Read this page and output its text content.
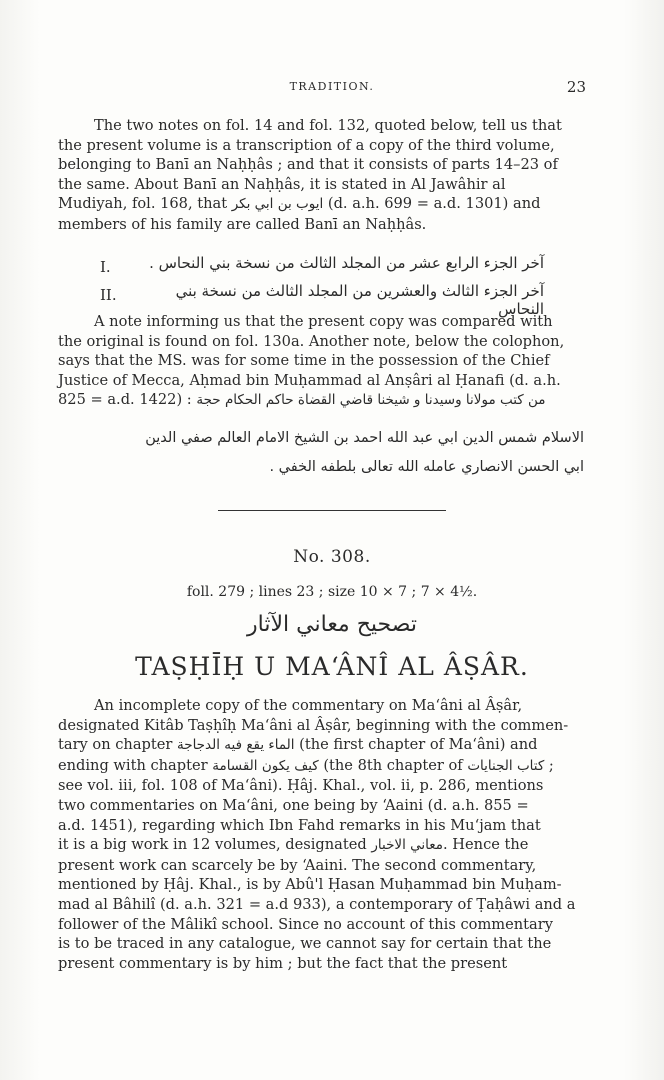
TRADITION.	23
The two notes on fol. 14 and fol. 132, quoted below, tell us that
the present volume is a transcription of a copy of the third volume,
belonging to Banī an Naḥḥâs ; and that it consists of parts 14–23 of
the same. About Banī an Naḥḥâs, it is stated in Al Jawâhir al
Mudiyah, fol. 168, that ايوب بن ابي بكر (d. a.h. 699 = a.d. 1301) and
members of his family are called Banī an Naḥḥâs.
I.	آخر الجزء الرابع عشر من المجلد الثالث من نسخة بني النحاس .
II.	آخر الجزء الثالث والعشرين من المجلد الثالث من نسخة بني النحاس
A note informing us that the present copy was compared with
the original is found on fol. 130a. Another note, below the colophon,
says that the MS. was for some time in the possession of the Chief
Justice of Mecca, Aḥmad bin Muḥammad al Anṣâri al Ḥanafi (d. a.h.
825 = a.d. 1422) : من كتب مولانا وسيدنا و شيخنا قاضي القضاة حاكم الحكام حجة
الاسلام شمس الدين ابي عبد الله احمد بن الشيخ الامام العالم صفي الدين
ابي الحسن الانصاري عامله الله تعالى بلطفه الخفي .
No. 308.
foll. 279 ; lines 23 ; size 10 × 7 ; 7 × 4½.
تصحيح معاني الآثار
TAṢḤĪḤ U MA‘ÂNÎ AL ÂṢÂR.
An incomplete copy of the commentary on Ma‘âni al Âṣâr,
designated Kitâb Taṣḥîḥ Ma‘âni al Âṣâr, beginning with the commen-
tary on chapter الماء يقع فيه الدجاجة (the first chapter of Ma‘âni) and
ending with chapter كيف يكون القسامة (the 8th chapter of كتاب الجنايات ;
see vol. iii, fol. 108 of Ma‘âni). Ḥâj. Khal., vol. ii, p. 286, mentions
two commentaries on Ma‘âni, one being by ‘Aaini (d. a.h. 855 =
a.d. 1451), regarding which Ibn Fahd remarks in his Mu‘jam that
it is a big work in 12 volumes, designated معاني الاخبار. Hence the
present work can scarcely be by ‘Aaini. The second commentary,
mentioned by Ḥâj. Khal., is by Abû'l Ḥasan Muḥammad bin Muḥam-
mad al Bâhilî (d. a.h. 321 = a.d 933), a contemporary of Ṭaḥâwi and a
follower of the Mâlikî school. Since no account of this commentary
is to be traced in any catalogue, we cannot say for certain that the
present commentary is by him ; but the fact that the present
